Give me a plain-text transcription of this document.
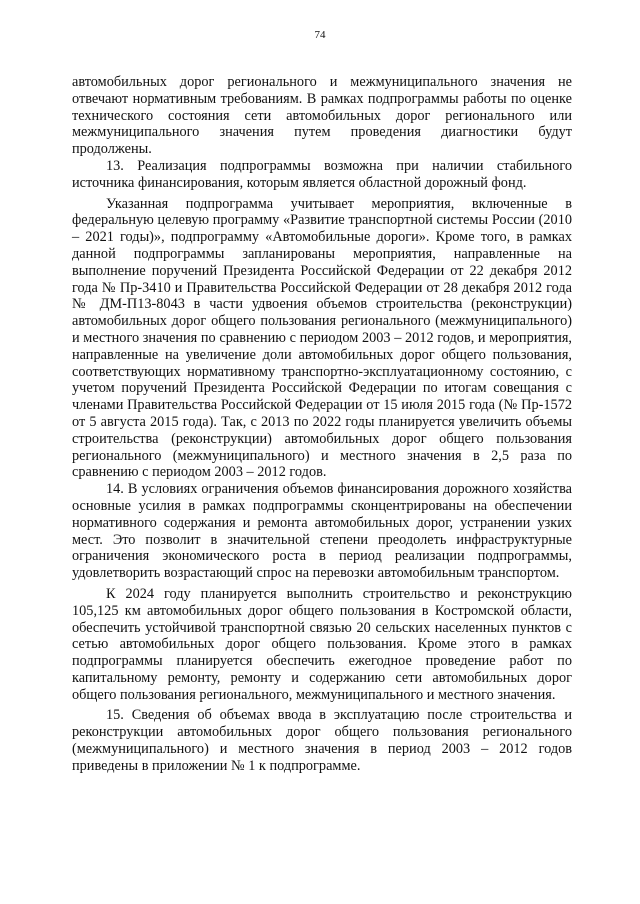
74

автомобильных дорог регионального и межмуниципального значения не отвечают нормативным требованиям. В рамках подпрограммы работы по оценке технического состояния сети автомобильных дорог регионального или межмуниципального значения путем проведения диагностики будут продолжены.

13. Реализация подпрограммы возможна при наличии стабильного источника финансирования, которым является областной дорожный фонд.

Указанная подпрограмма учитывает мероприятия, включенные в федеральную целевую программу «Развитие транспортной системы России (2010 – 2021 годы)», подпрограмму «Автомобильные дороги». Кроме того, в рамках данной подпрограммы запланированы мероприятия, направленные на выполнение поручений Президента Российской Федерации от 22 декабря 2012 года № Пр-3410 и Правительства Российской Федерации от 28 декабря 2012 года № ДМ-П13-8043 в части удвоения объемов строительства (реконструкции) автомобильных дорог общего пользования регионального (межмуниципального) и местного значения по сравнению с периодом 2003 – 2012 годов, и мероприятия, направленные на увеличение доли автомобильных дорог общего пользования, соответствующих нормативному транспортно-эксплуатационному состоянию, с учетом поручений Президента Российской Федерации по итогам совещания с членами Правительства Российской Федерации от 15 июля 2015 года (№ Пр-1572 от 5 августа 2015 года). Так, с 2013 по 2022 годы планируется увеличить объемы строительства (реконструкции) автомобильных дорог общего пользования регионального (межмуниципального) и местного значения в 2,5 раза по сравнению с периодом 2003 – 2012 годов.

14. В условиях ограничения объемов финансирования дорожного хозяйства основные усилия в рамках подпрограммы сконцентрированы на обеспечении нормативного содержания и ремонта автомобильных дорог, устранении узких мест. Это позволит в значительной степени преодолеть инфраструктурные ограничения экономического роста в период реализации подпрограммы, удовлетворить возрастающий спрос на перевозки автомобильным транспортом.

К 2024 году планируется выполнить строительство и реконструкцию 105,125 км автомобильных дорог общего пользования в Костромской области, обеспечить устойчивой транспортной связью 20 сельских населенных пунктов с сетью автомобильных дорог общего пользования. Кроме этого в рамках подпрограммы планируется обеспечить ежегодное проведение работ по капитальному ремонту, ремонту и содержанию сети автомобильных дорог общего пользования регионального, межмуниципального и местного значения.

15. Сведения об объемах ввода в эксплуатацию после строительства и реконструкции автомобильных дорог общего пользования регионального (межмуниципального) и местного значения в период 2003 – 2012 годов приведены в приложении № 1 к подпрограмме.
